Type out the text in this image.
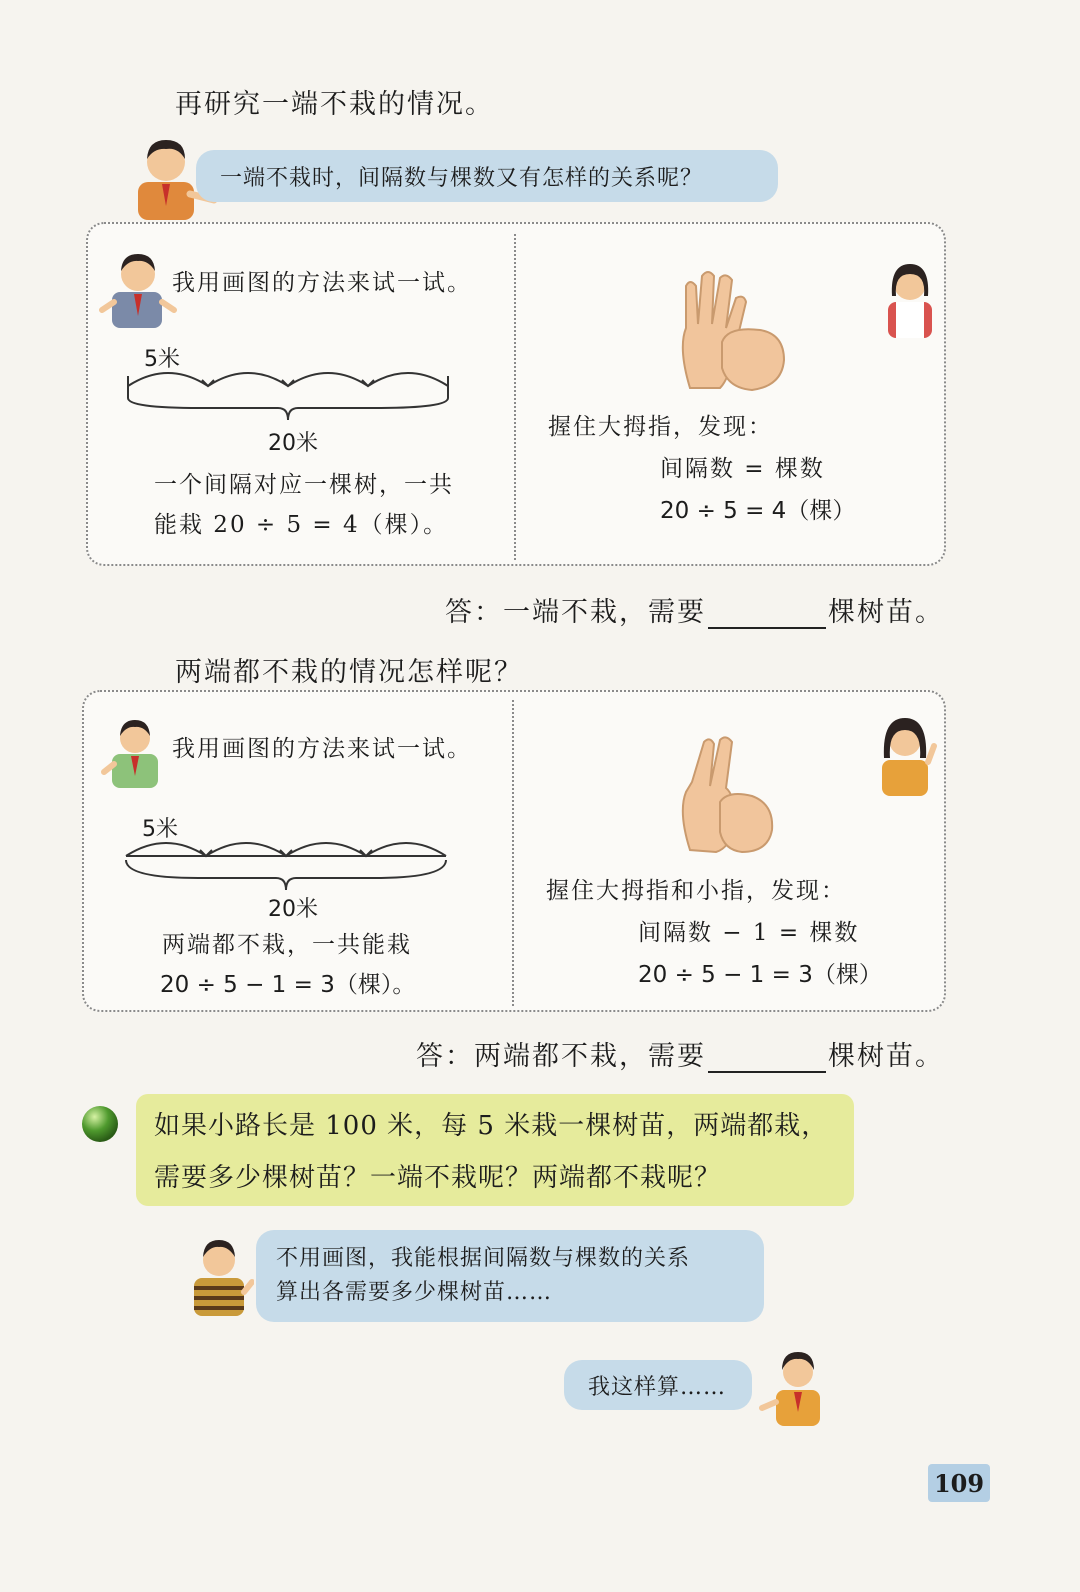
再研究一端不栽的情况。
一端不栽时，间隔数与棵数又有怎样的关系呢？
我用画图的方法来试一试。
5米
20米
一个间隔对应一棵树，一共
能栽 20 ÷ 5 = 4（棵）。
握住大拇指，发现：
间隔数 = 棵数
20 ÷ 5 = 4（棵）
答：一端不栽，需要	棵树苗。
两端都不栽的情况怎样呢？
我用画图的方法来试一试。
5米
20米
两端都不栽，一共能栽
20 ÷ 5 − 1 = 3（棵）。
握住大拇指和小指，发现：
间隔数 − 1 = 棵数
20 ÷ 5 − 1 = 3（棵）
答：两端都不栽，需要	棵树苗。
如果小路长是 100 米，每 5 米栽一棵树苗，两端都栽，
需要多少棵树苗？一端不栽呢？两端都不栽呢？
不用画图，我能根据间隔数与棵数的关系
算出各需要多少棵树苗……
我这样算……
109
